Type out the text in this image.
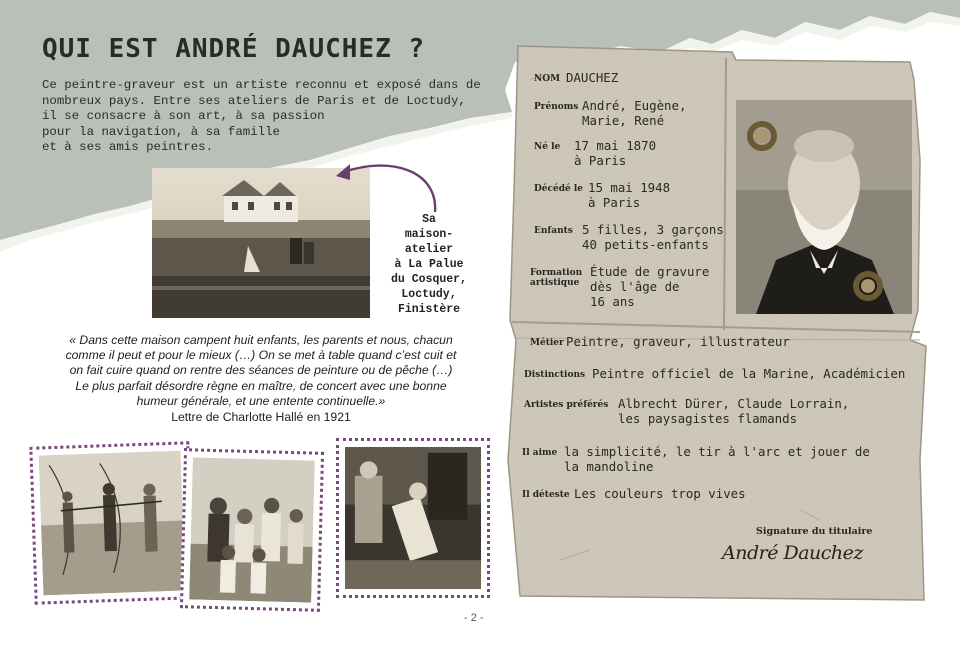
QUI EST ANDRÉ DAUCHEZ ?
Ce peintre-graveur est un artiste reconnu et exposé dans de
nombreux pays. Entre ses ateliers de Paris et de Loctudy,
il se consacre à son art, à sa passion
pour la navigation, à sa famille
et à ses amis peintres.
Sa
maison-atelier
à La Palue
du Cosquer,
Loctudy,
Finistère
« Dans cette maison campent huit enfants, les parents et nous, chacun comme il peut et pour le mieux (…) On se met à table quand c’est cuit et on fait cuire quand on rentre des séances de peinture ou de pêche (…) Le plus parfait désordre règne en maître, de concert avec une bonne humeur générale, et une entente continuelle.»
Lettre de Charlotte Hallé en 1921
NOM DAUCHEZ
Prénoms André, Eugène,
Marie, René
Né le 17 mai 1870
à Paris
Décédé le 15 mai 1948
à Paris
Enfants 5 filles, 3 garçons
40 petits-enfants
Formation
artistique
Étude de gravure
dès l'âge de
16 ans
Métier Peintre, graveur, illustrateur
Distinctions Peintre officiel de la Marine, Académicien
Artistes préférés Albrecht Dürer, Claude Lorrain,
les paysagistes flamands
Il aime la simplicité, le tir à l'arc et jouer de
la mandoline
Il déteste Les couleurs trop vives
Signature du titulaire
André Dauchez
- 2 -
